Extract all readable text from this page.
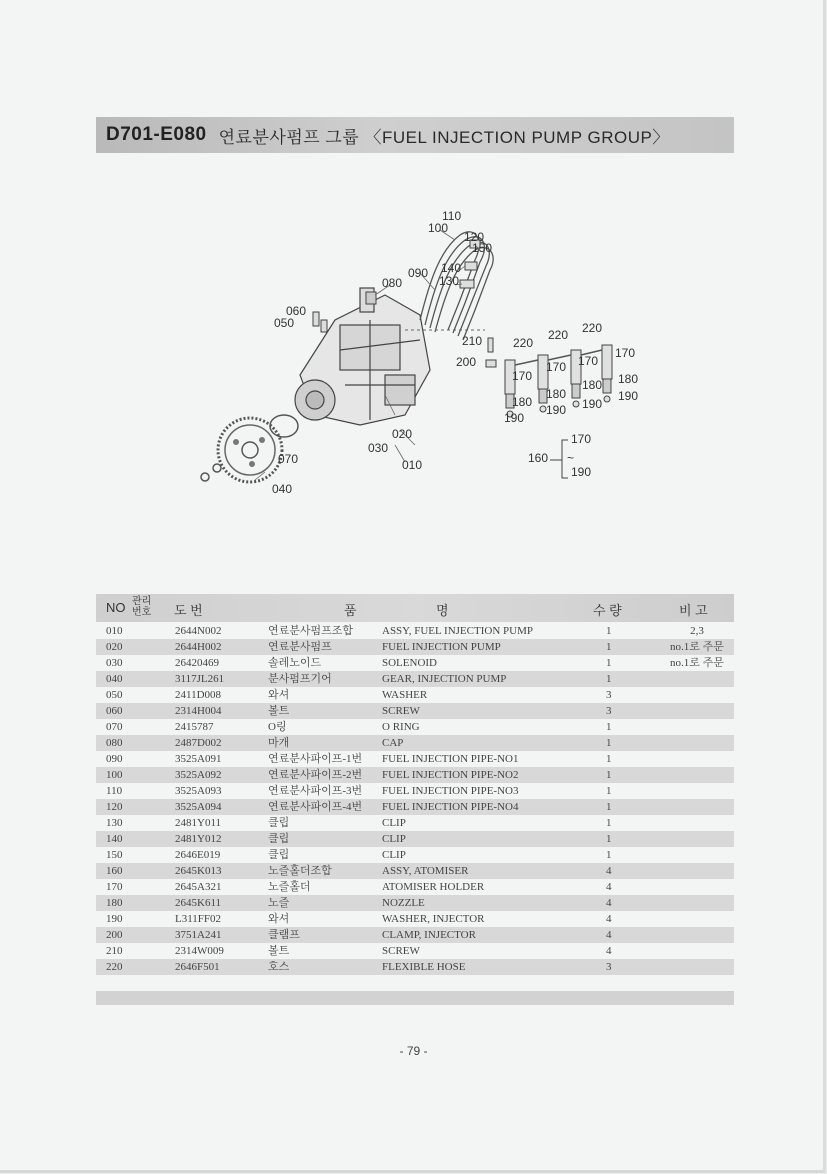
D701-E080 연료분사펌프 그룹 〈FUEL INJECTION PUMP GROUP〉
110
100
120
150
090
080
140
130
060
050
210	220
220 220
200
170
170 170
170
180
180
180 180
190
190 190
190
020
030
010
070
040
160
170
~
190
NO 관리
번호 도 번	품	명	수 량	비 고
010	2644N002	연료분사펌프조합	ASSY, FUEL INJECTION PUMP	1	2,3
020	2644H002	연료분사펌프	FUEL INJECTION PUMP	1	no.1로 주문
030	26420469	솔레노이드	SOLENOID	1	no.1로 주문
040	3117JL261	분사펌프기어	GEAR, INJECTION PUMP	1
050	2411D008	와셔	WASHER	3
060	2314H004	볼트	SCREW	3
070	2415787	O링	O RING	1
080	2487D002	마개	CAP	1
090	3525A091	연료분사파이프-1번 FUEL INJECTION PIPE-NO1	1
100	3525A092	연료분사파이프-2번 FUEL INJECTION PIPE-NO2	1
110	3525A093	연료분사파이프-3번 FUEL INJECTION PIPE-NO3	1
120	3525A094	연료분사파이프-4번 FUEL INJECTION PIPE-NO4	1
130	2481Y011	클립	CLIP	1
140	2481Y012	클립	CLIP	1
150	2646E019	클립	CLIP	1
160	2645K013	노즐홀더조합	ASSY, ATOMISER	4
170	2645A321	노즐홀더	ATOMISER HOLDER	4
180	2645K611	노즐	NOZZLE	4
190	L311FF02	와셔	WASHER, INJECTOR	4
200	3751A241	클램프	CLAMP, INJECTOR	4
210	2314W009	볼트	SCREW	4
220	2646F501	호스	FLEXIBLE HOSE	3
- 79 -
